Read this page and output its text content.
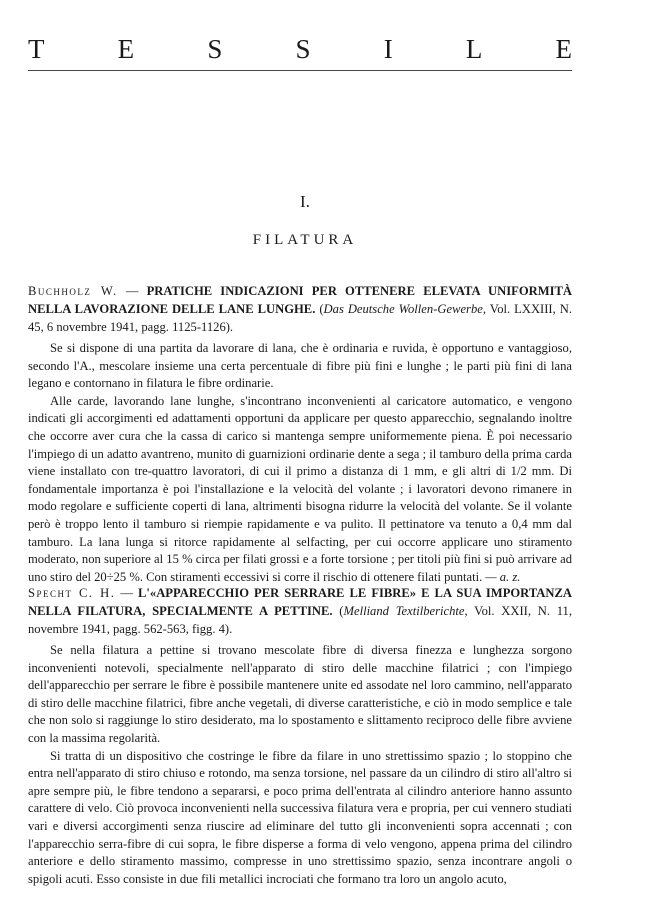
T	E	S	S	I	L	E
I.
FILATURA

Buchholz W. — PRATICHE INDICAZIONI PER OTTENERE ELEVATA UNIFORMITÀ NELLA LAVORAZIONE DELLE LANE LUNGHE. (Das Deutsche Wollen-Gewerbe, Vol. LXXIII, N. 45, 6 novembre 1941, pagg. 1125-1126).

Se si dispone di una partita da lavorare di lana, che è ordinaria e ruvida, è opportuno e vantaggioso, secondo l'A., mescolare insieme una certa percentuale di fibre più fini e lunghe ; le parti più fini di lana legano e contornano in filatura le fibre ordinarie.

Alle carde, lavorando lane lunghe, s'incontrano inconvenienti al caricatore automatico, e vengono indicati gli accorgimenti ed adattamenti opportuni da applicare per questo apparecchio, segnalando inoltre che occorre aver cura che la cassa di carico si mantenga sempre uniformemente piena. È poi necessario l'impiego di un adatto avantreno, munito di guarnizioni ordinarie dente a sega ; il tamburo della prima carda viene installato con tre-quattro lavoratori, di cui il primo a distanza di 1 mm, e gli altri di 1/2 mm. Di fondamentale importanza è poi l'installazione e la velocità del volante ; i lavoratori devono rimanere in modo regolare e sufficiente coperti di lana, altrimenti bisogna ridurre la velocità del volante. Se il volante però è troppo lento il tamburo si riempie rapidamente e va pulito. Il pettinatore va tenuto a 0,4 mm dal tamburo. La lana lunga si ritorce rapidamente al selfacting, per cui occorre applicare uno stiramento moderato, non superiore al 15 % circa per filati grossi e a forte torsione ; per titoli più fini si può arrivare ad uno stiro del 20÷25 %. Con stiramenti eccessivi si corre il rischio di ottenere filati puntati. — a. z.

Specht C. H. — L'«APPARECCHIO PER SERRARE LE FIBRE» E LA SUA IMPORTANZA NELLA FILATURA, SPECIALMENTE A PETTINE. (Melliand Textilberichte, Vol. XXII, N. 11, novembre 1941, pagg. 562-563, figg. 4).

Se nella filatura a pettine si trovano mescolate fibre di diversa finezza e lunghezza sorgono inconvenienti notevoli, specialmente nell'apparato di stiro delle macchine filatrici ; con l'impiego dell'apparecchio per serrare le fibre è possibile mantenere unite ed assodate nel loro cammino, nell'apparato di stiro delle macchine filatrici, fibre anche vegetali, di diverse caratteristiche, e ciò in modo semplice e tale che non solo si raggiunge lo stiro desiderato, ma lo spostamento e slittamento reciproco delle fibre avviene con la massima regolarità.

Si tratta di un dispositivo che costringe le fibre da filare in uno strettissimo spazio ; lo stoppino che entra nell'apparato di stiro chiuso e rotondo, ma senza torsione, nel passare da un cilindro di stiro all'altro si apre sempre più, le fibre tendono a separarsi, e poco prima dell'entrata al cilindro anteriore hanno assunto carattere di velo. Ciò provoca inconvenienti nella successiva filatura vera e propria, per cui vennero studiati vari e diversi accorgimenti senza riuscire ad eliminare del tutto gli inconvenienti sopra accennati ; con l'apparecchio serra-fibre di cui sopra, le fibre disperse a forma di velo vengono, appena prima del cilindro anteriore e dello stiramento massimo, compresse in uno strettissimo spazio, senza incontrare angoli o spigoli acuti. Esso consiste in due fili metallici incrociati che formano tra loro un angolo acuto,
